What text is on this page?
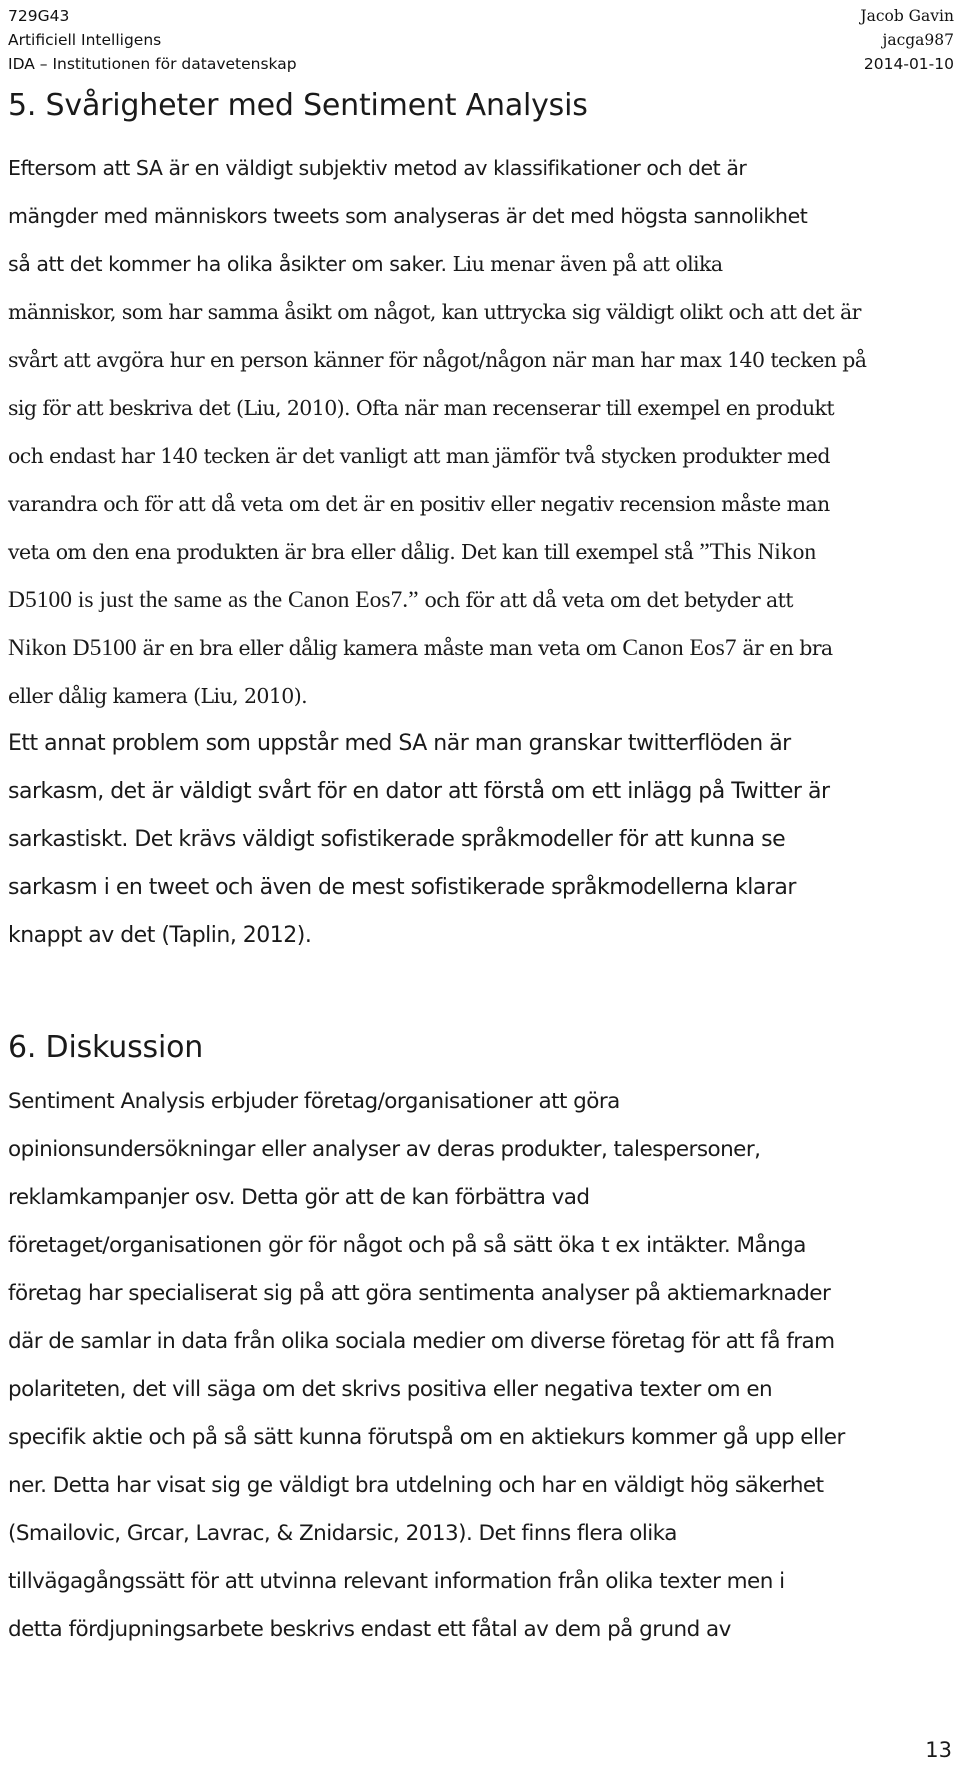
729G43	Jacob Gavin
Artificiell Intelligens	jacga987
IDA – Institutionen för datavetenskap	2014-01-10
5. Svårigheter med Sentiment Analysis
Eftersom att SA är en väldigt subjektiv metod av klassifikationer och det är
mängder med människors tweets som analyseras är det med högsta sannolikhet
så att det kommer ha olika åsikter om saker. Liu menar även på att olika
människor, som har samma åsikt om något, kan uttrycka sig väldigt olikt och att det är
svårt att avgöra hur en person känner för något/någon när man har max 140 tecken på
sig för att beskriva det (Liu, 2010). Ofta när man recenserar till exempel en produkt
och endast har 140 tecken är det vanligt att man jämför två stycken produkter med
varandra och för att då veta om det är en positiv eller negativ recension måste man
veta om den ena produkten är bra eller dålig. Det kan till exempel stå ”This Nikon
D5100 is just the same as the Canon Eos7.” och för att då veta om det betyder att
Nikon D5100 är en bra eller dålig kamera måste man veta om Canon Eos7 är en bra
eller dålig kamera (Liu, 2010).
Ett annat problem som uppstår med SA när man granskar twitterflöden är
sarkasm, det är väldigt svårt för en dator att förstå om ett inlägg på Twitter är
sarkastiskt. Det krävs väldigt sofistikerade språkmodeller för att kunna se
sarkasm i en tweet och även de mest sofistikerade språkmodellerna klarar
knappt av det (Taplin, 2012).
6. Diskussion
Sentiment Analysis erbjuder företag/organisationer att göra
opinionsundersökningar eller analyser av deras produkter, talespersoner,
reklamkampanjer osv. Detta gör att de kan förbättra vad
företaget/organisationen gör för något och på så sätt öka t ex intäkter. Många
företag har specialiserat sig på att göra sentimenta analyser på aktiemarknader
där de samlar in data från olika sociala medier om diverse företag för att få fram
polariteten, det vill säga om det skrivs positiva eller negativa texter om en
specifik aktie och på så sätt kunna förutspå om en aktiekurs kommer gå upp eller
ner. Detta har visat sig ge väldigt bra utdelning och har en väldigt hög säkerhet
(Smailovic, Grcar, Lavrac, & Znidarsic, 2013). Det finns flera olika
tillvägagångssätt för att utvinna relevant information från olika texter men i
detta fördjupningsarbete beskrivs endast ett fåtal av dem på grund av
13
